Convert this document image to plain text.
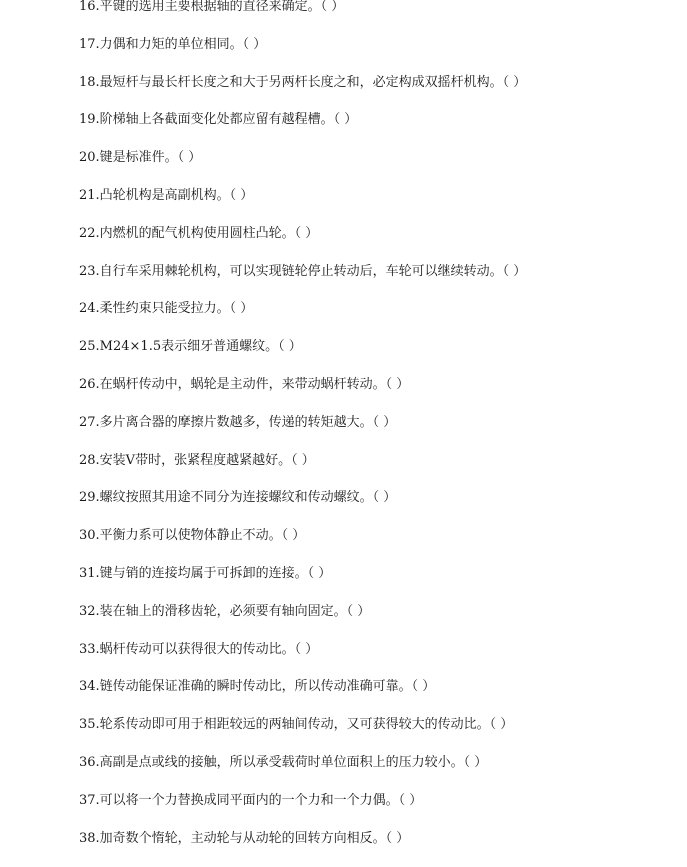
16.平键的选用主要根据轴的直径来确定。（ ）
17.力偶和力矩的单位相同。（ ）
18.最短杆与最长杆长度之和大于另两杆长度之和，必定构成双摇杆机构。（ ）
19.阶梯轴上各截面变化处都应留有越程槽。（ ）
20.键是标准件。（ ）
21.凸轮机构是高副机构。（ ）
22.内燃机的配气机构使用圆柱凸轮。（ ）
23.自行车采用棘轮机构，可以实现链轮停止转动后，车轮可以继续转动。（ ）
24.柔性约束只能受拉力。（ ）
25.M24×1.5表示细牙普通螺纹。（ ）
26.在蜗杆传动中，蜗轮是主动件，来带动蜗杆转动。（ ）
27.多片离合器的摩擦片数越多，传递的转矩越大。（ ）
28.安装V带时，张紧程度越紧越好。（ ）
29.螺纹按照其用途不同分为连接螺纹和传动螺纹。（ ）
30.平衡力系可以使物体静止不动。（ ）
31.键与销的连接均属于可拆卸的连接。（ ）
32.装在轴上的滑移齿轮，必须要有轴向固定。（ ）
33.蜗杆传动可以获得很大的传动比。（ ）
34.链传动能保证准确的瞬时传动比，所以传动准确可靠。（ ）
35.轮系传动即可用于相距较远的两轴间传动，又可获得较大的传动比。（ ）
36.高副是点或线的接触，所以承受载荷时单位面积上的压力较小。（ ）
37.可以将一个力替换成同平面内的一个力和一个力偶。（ ）
38.加奇数个惰轮，主动轮与从动轮的回转方向相反。（ ）
